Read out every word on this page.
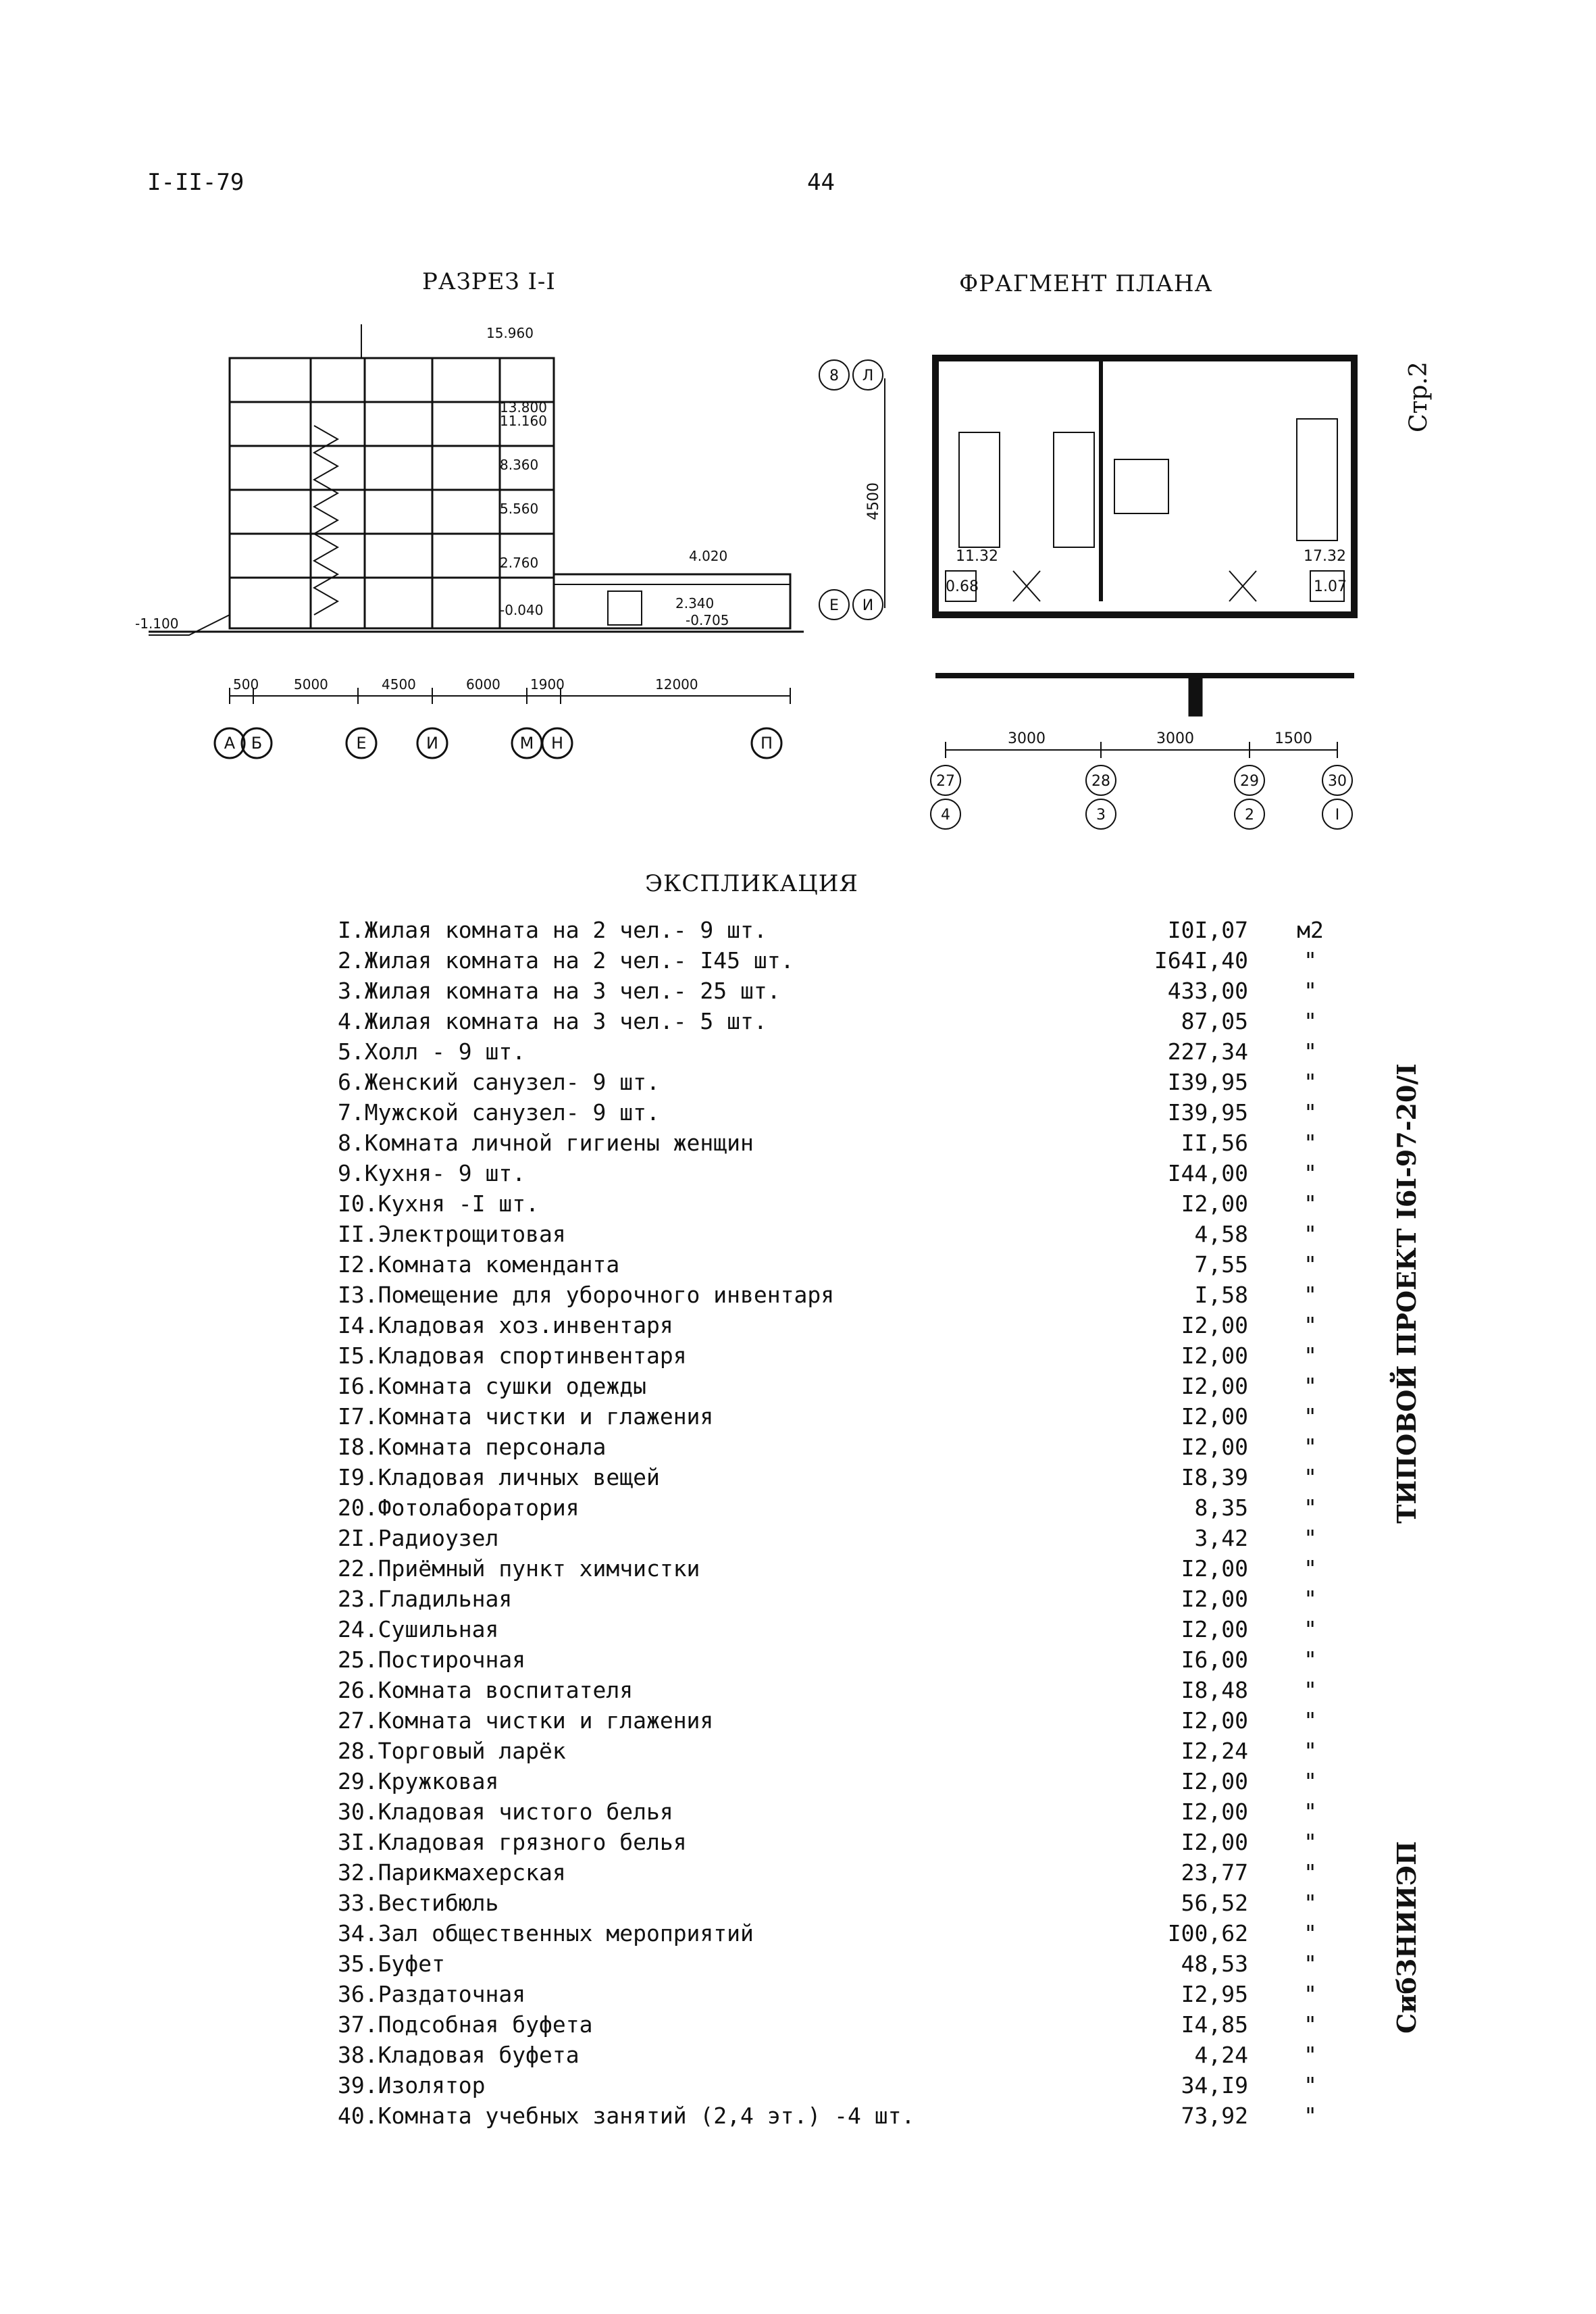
I-II-79	44
РАЗРЕЗ I-I	ФРАГМЕНТ ПЛАНА
15.960
13.800
11.160
8.360
5.560
2.760
-0.040
4.020
2.340
-0.705
-1.100
500	5000	4500	6000 1900	12000
А Б	Е	И	М Н	П
8 Л
Е И
27
4
28
3
29
2
30
I
3000	3000	1500
11.32
0.68
17.32
1.07
4500
Стр.2
ТИПОВОЙ ПРОЕКТ I6I-97-20/I
СибЗНИИЭП
ЭКСПЛИКАЦИЯ
I.Жилая комната на 2 чел.- 9 шт.	I0I,07	м2
2.Жилая комната на 2 чел.- I45 шт.	I64I,40	"
3.Жилая комната на 3 чел.- 25 шт.	433,00	"
4.Жилая комната на 3 чел.- 5 шт.	87,05	"
5.Холл - 9 шт.	227,34	"
6.Женский санузел- 9 шт.	I39,95	"
7.Мужской санузел- 9 шт.	I39,95	"
8.Комната личной гигиены женщин	II,56	"
9.Кухня- 9 шт.	I44,00	"
I0.Кухня -I шт.	I2,00	"
II.Электрощитовая	4,58	"
I2.Комната коменданта	7,55	"
I3.Помещение для уборочного инвентаря	I,58	"
I4.Кладовая хоз.инвентаря	I2,00	"
I5.Кладовая спортинвентаря	I2,00	"
I6.Комната сушки одежды	I2,00	"
I7.Комната чистки и глажения	I2,00	"
I8.Комната персонала	I2,00	"
I9.Кладовая личных вещей	I8,39	"
20.Фотолаборатория	8,35	"
2I.Радиоузел	3,42	"
22.Приёмный пункт химчистки	I2,00	"
23.Гладильная	I2,00	"
24.Сушильная	I2,00	"
25.Постирочная	I6,00	"
26.Комната воспитателя	I8,48	"
27.Комната чистки и глажения	I2,00	"
28.Торговый ларёк	I2,24	"
29.Кружковая	I2,00	"
30.Кладовая чистого белья	I2,00	"
3I.Кладовая грязного белья	I2,00	"
32.Парикмахерская	23,77	"
33.Вестибюль	56,52	"
34.Зал общественных мероприятий	I00,62	"
35.Буфет	48,53	"
36.Раздаточная	I2,95	"
37.Подсобная буфета	I4,85	"
38.Кладовая буфета	4,24	"
39.Изолятор	34,I9	"
40.Комната учебных занятий (2,4 эт.) -4 шт.	73,92	"
